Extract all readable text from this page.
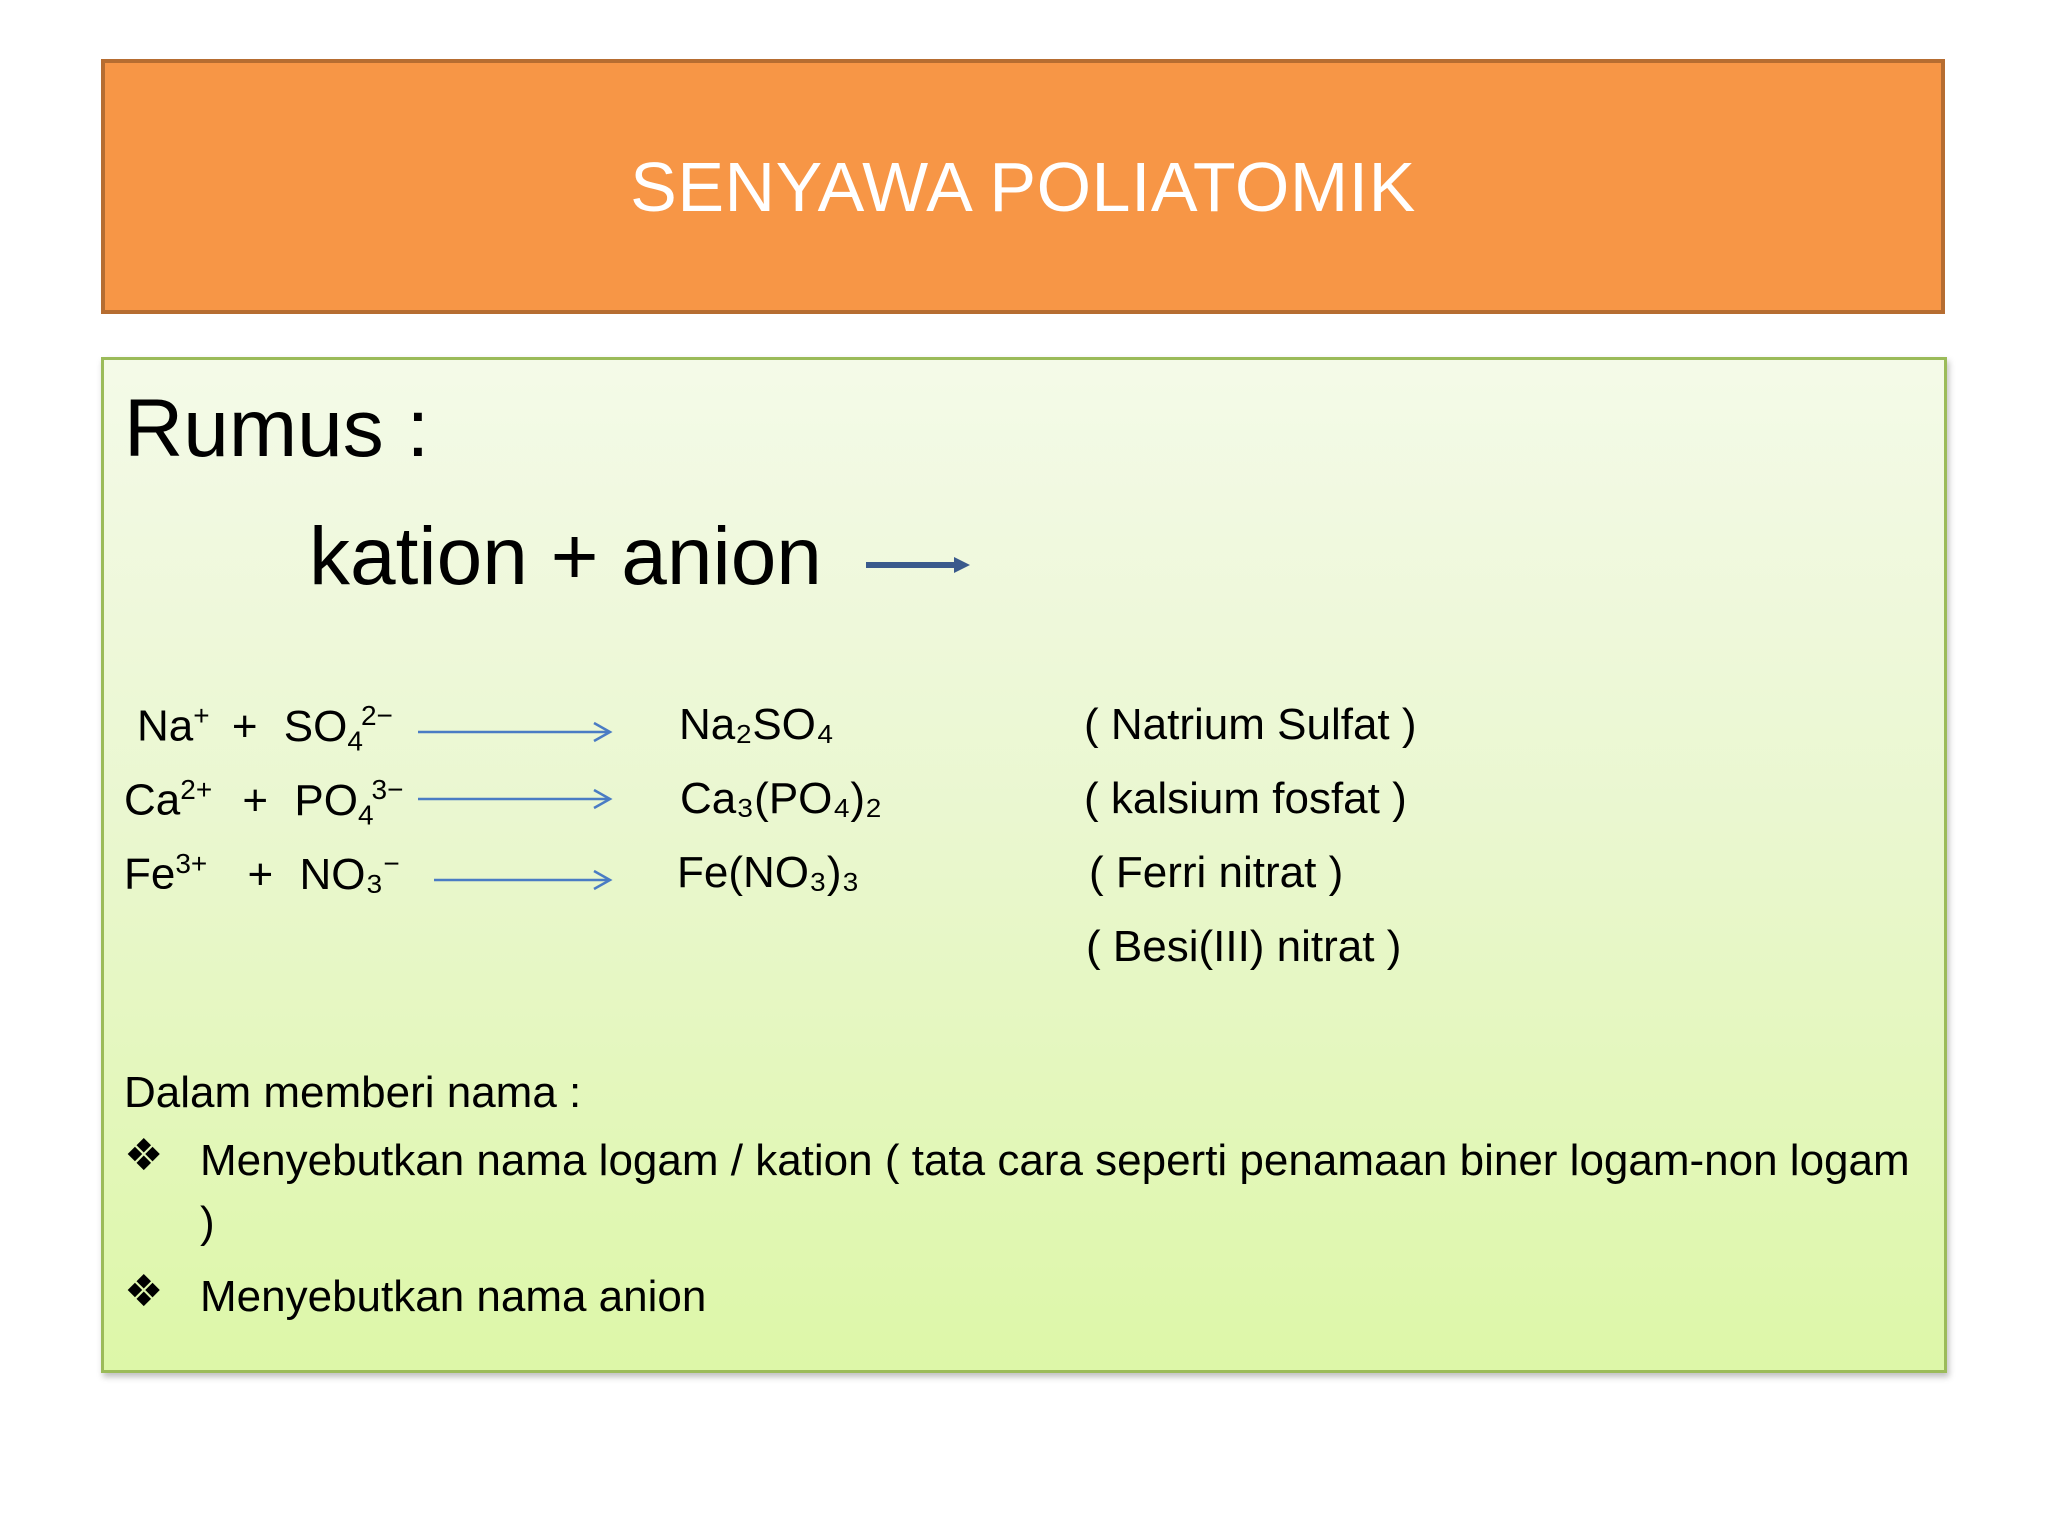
SENYAWA POLIATOMIK
Rumus :
kation + anion
$Na^+ + SO_4^{2-}$	Na₂SO₄	( Natrium Sulfat )
$Ca^{2+} + PO_4^{3-}$	Ca₃(PO₄)₂	( kalsium fosfat )
$Fe^{3+} + NO_3^-$	Fe(NO₃)₃	( Ferri nitrat )
( Besi(III) nitrat )
Dalam memberi nama :
❖ Menyebutkan nama logam / kation ( tata cara seperti penamaan biner logam-non logam )
❖ Menyebutkan nama anion
